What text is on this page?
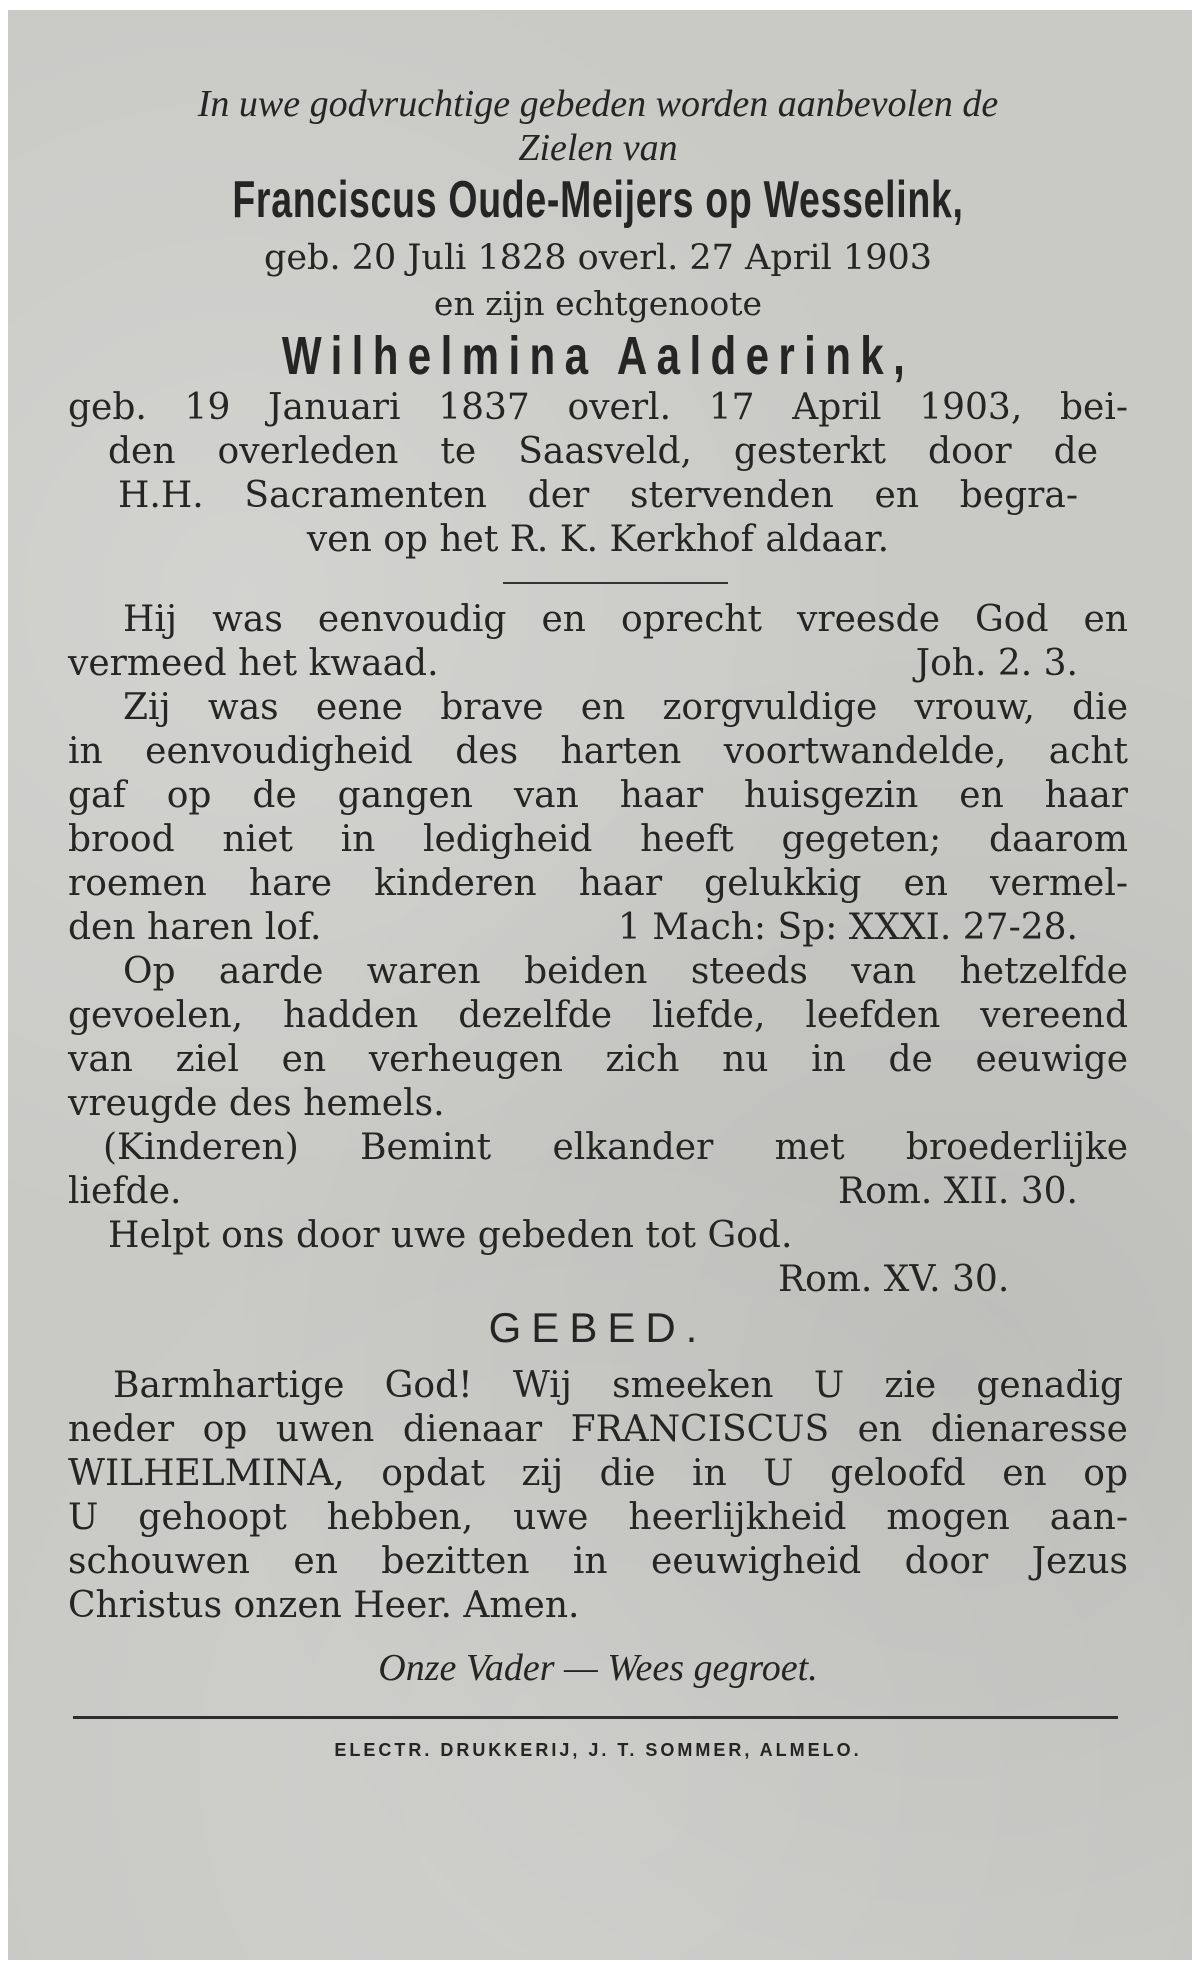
In uwe godvruchtige gebeden worden aanbevolen de
Zielen van
Franciscus Oude-Meijers op Wesselink,
geb. 20 Juli 1828 overl. 27 April 1903
en zijn echtgenoote
Wilhelmina Aalderink,
geb. 19 Januari 1837 overl. 17 April 1903, bei-
den overleden te Saasveld, gesterkt door de
H.H. Sacramenten der stervenden en begra-
ven op het R. K. Kerkhof aldaar.
Hij was eenvoudig en oprecht vreesde God en
vermeed het kwaad.	Joh. 2. 3.
Zij was eene brave en zorgvuldige vrouw, die
in eenvoudigheid des harten voortwandelde, acht
gaf op de gangen van haar huisgezin en haar
brood niet in ledigheid heeft gegeten; daarom
roemen hare kinderen haar gelukkig en vermel-
den haren lof.	1 Mach: Sp: XXXI. 27-28.
Op aarde waren beiden steeds van hetzelfde
gevoelen, hadden dezelfde liefde, leefden vereend
van ziel en verheugen zich nu in de eeuwige
vreugde des hemels.
(Kinderen) Bemint elkander met broederlijke
liefde.	Rom. XII. 30.
Helpt ons door uwe gebeden tot God.
Rom. XV. 30.
GEBED.
Barmhartige God! Wij smeeken U zie genadig
neder op uwen dienaar FRANCISCUS en dienaresse
WILHELMINA, opdat zij die in U geloofd en op
U gehoopt hebben, uwe heerlijkheid mogen aan-
schouwen en bezitten in eeuwigheid door Jezus
Christus onzen Heer. Amen.
Onze Vader — Wees gegroet.
ELECTR. DRUKKERIJ, J. T. SOMMER, ALMELO.
